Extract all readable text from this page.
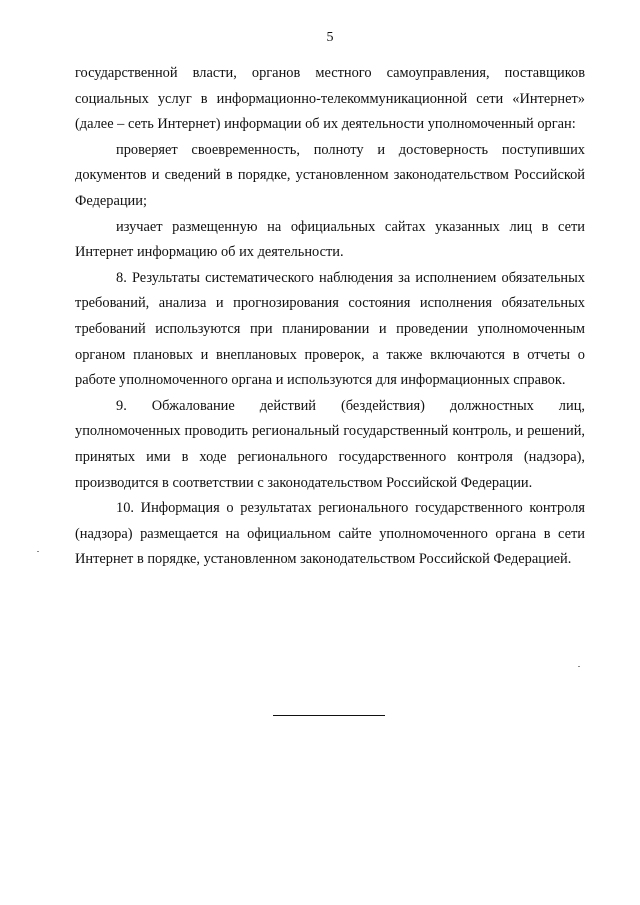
5

государственной власти, органов местного самоуправления, поставщиков социальных услуг в информационно-телекоммуникационной сети «Интернет» (далее – сеть Интернет) информации об их деятельности уполномоченный орган:

проверяет своевременность, полноту и достоверность поступивших документов и сведений в порядке, установленном законодательством Российской Федерации;

изучает размещенную на официальных сайтах указанных лиц в сети Интернет информацию об их деятельности.

8. Результаты систематического наблюдения за исполнением обязательных требований, анализа и прогнозирования состояния исполнения обязательных требований используются при планировании и проведении уполномоченным органом плановых и внеплановых проверок, а также включаются в отчеты о работе уполномоченного органа и используются для информационных справок.

9. Обжалование действий (бездействия) должностных лиц, уполномоченных проводить региональный государственный контроль, и решений, принятых ими в ходе регионального государственного контроля (надзора), производится в соответствии с законодательством Российской Федерации.

10. Информация о результатах регионального государственного контроля (надзора) размещается на официальном сайте уполномоченного органа в сети Интернет в порядке, установленном законодательством Российской Федерацией.
